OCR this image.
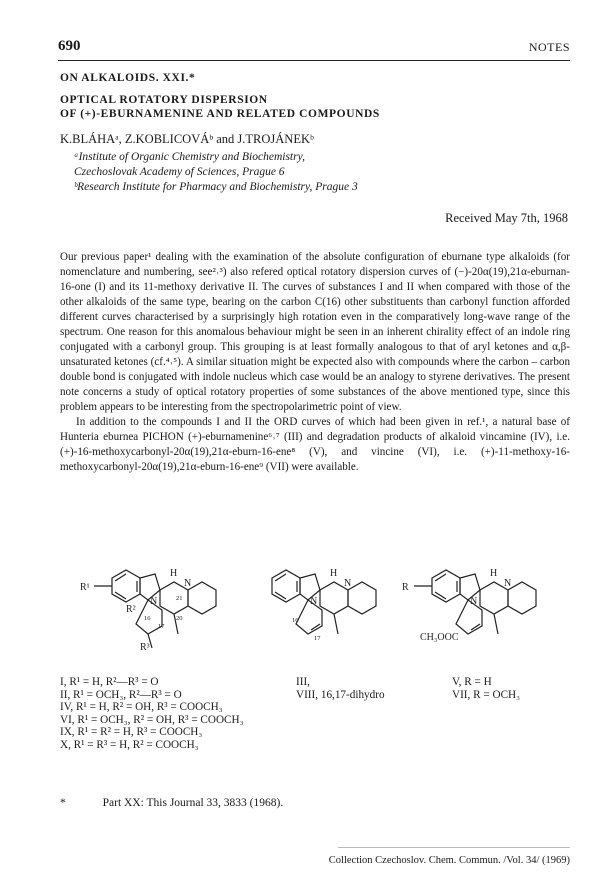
690	NOTES
ON ALKALOIDS. XXI.*
OPTICAL ROTATORY DISPERSION
OF (+)-EBURNAMENINE AND RELATED COMPOUNDS
K.BLÁHAᵃ, Z.KOBLICOVÁᵇ and J.TROJÁNEKᵇ
ᵃInstitute of Organic Chemistry and Biochemistry,
Czechoslovak Academy of Sciences, Prague 6
ᵇResearch Institute for Pharmacy and Biochemistry, Prague 3
Received May 7th, 1968

Our previous paper¹ dealing with the examination of the absolute configuration of eburnane type alkaloids (for nomenclature and numbering, see²˒³) also refered optical rotatory dispersion curves of (−)-20α(19),21α-eburnan-16-one (I) and its 11-methoxy derivative II. The curves of substances I and II when compared with those of the other alkaloids of the same type, bearing on the carbon C(16) other substituents than carbonyl function afforded different curves characterised by a surprisingly high rotation even in the comparatively long-wave range of the spectrum. One reason for this anomalous behaviour might be seen in an inherent chirality effect of an indole ring conjugated with a carbonyl group. This grouping is at least formally analogous to that of aryl ketones and α,β-unsaturated ketones (cf.⁴˒⁵). A similar situation might be expected also with compounds where the carbon – carbon double bond is conjugated with indole nucleus which case would be an analogy to styrene derivatives. The present note concerns a study of optical rotatory properties of some substances of the above mentioned type, since this problem appears to be interesting from the spectropolarimetric point of view.

In addition to the compounds I and II the ORD curves of which had been given in ref.¹, a natural base of Hunteria eburnea PICHON (+)-eburnamenine⁶˒⁷ (III) and degradation products of alkaloid vincamine (IV), i.e. (+)-16-methoxycarbonyl-20α(19),21α-eburn-16-ene⁸ (V), and vincine (VI), i.e. (+)-11-methoxy-16-methoxycarbonyl-20α(19),21α-eburn-16-ene⁹ (VII) were available.

R¹
R²
R³
H
N
N
16
17
20
21	N
N
H
16
17
R
N
N
H
CH₃OOC
I, R¹ = H, R²—R³ = O
II, R¹ = OCH₃, R²—R³ = O
IV, R¹ = H, R² = OH, R³ = COOCH₃
VI, R¹ = OCH₃, R² = OH, R³ = COOCH₃
IX, R¹ = R² = H, R³ = COOCH₃
X, R¹ = R³ = H, R² = COOCH₃
III,
VIII, 16,17-dihydro
V, R = H
VII, R = OCH₃
*	Part XX: This Journal 33, 3833 (1968).
Collection Czechoslov. Chem. Commun. /Vol. 34/ (1969)
